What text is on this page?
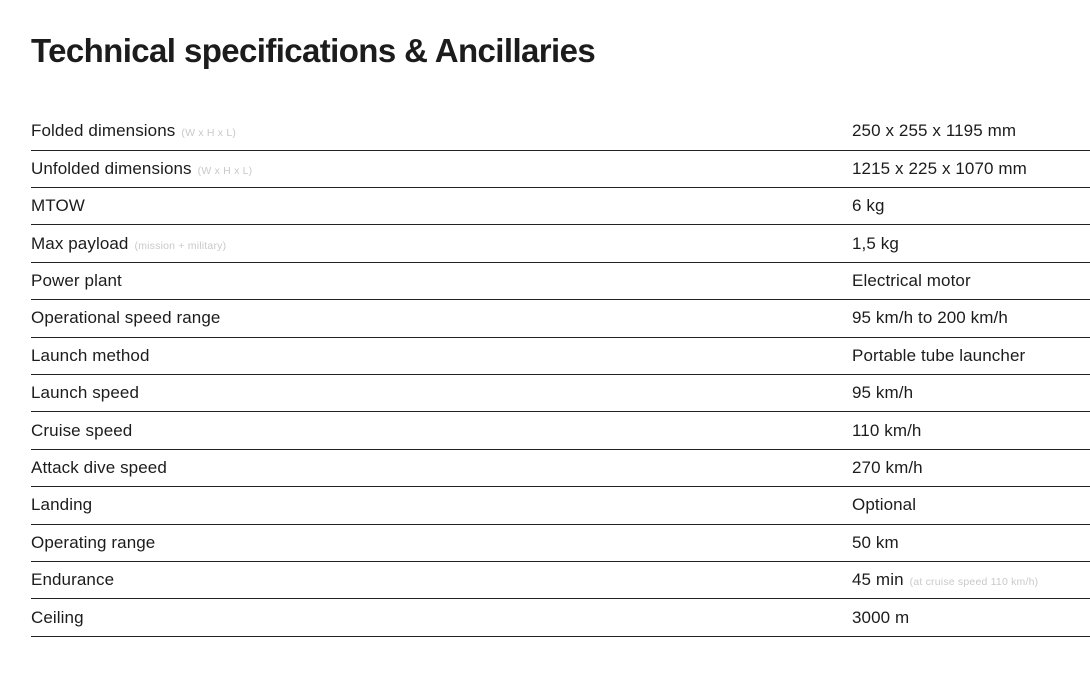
Technical specifications & Ancillaries
Folded dimensions (W x H x L)	250 x 255 x 1195 mm
Unfolded dimensions (W x H x L)	1215 x 225 x 1070 mm
MTOW	6 kg
Max payload (mission + military)	1,5 kg
Power plant	Electrical motor
Operational speed range	95 km/h to 200 km/h
Launch method	Portable tube launcher
Launch speed	95 km/h
Cruise speed	110 km/h
Attack dive speed	270 km/h
Landing	Optional
Operating range	50 km
Endurance	45 min (at cruise speed 110 km/h)
Ceiling	3000 m
